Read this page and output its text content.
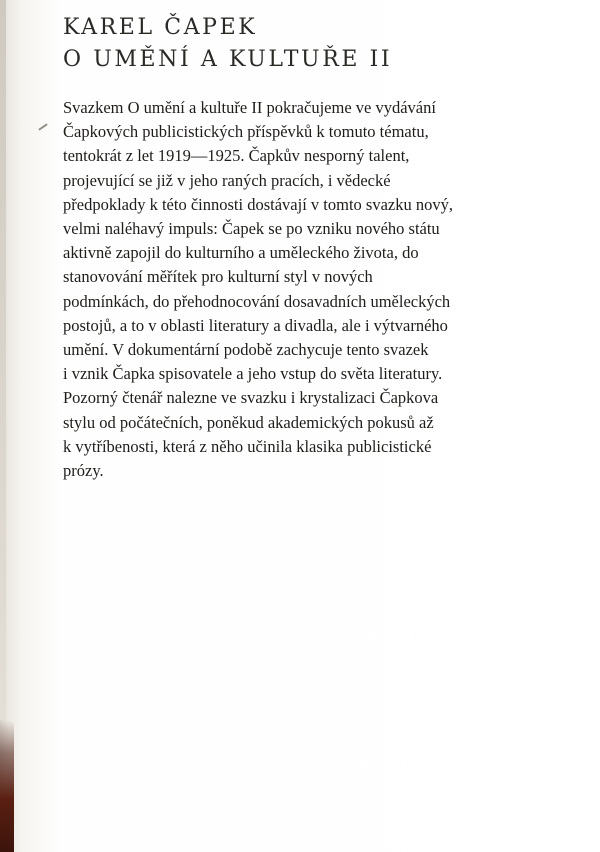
KAREL ČAPEK
O UMĚNÍ A KULTUŘE II

Svazkem O umění a kultuře II pokračujeme ve vydávání
Čapkových publicistických příspěvků k tomuto tématu,
tentokrát z let 1919—1925. Čapkův nesporný talent,
projevující se již v jeho raných pracích, i vědecké
předpoklady k této činnosti dostávají v tomto svazku nový,
velmi naléhavý impuls: Čapek se po vzniku nového státu
aktivně zapojil do kulturního a uměleckého života, do
stanovování měřítek pro kulturní styl v nových
podmínkách, do přehodnocování dosavadních uměleckých
postojů, a to v oblasti literatury a divadla, ale i výtvarného
umění. V dokumentární podobě zachycuje tento svazek
i vznik Čapka spisovatele a jeho vstup do světa literatury.
Pozorný čtenář nalezne ve svazku i krystalizaci Čapkova
stylu od počátečních, poněkud akademických pokusů až
k vytříbenosti, která z něho učinila klasika publicistické
prózy.
